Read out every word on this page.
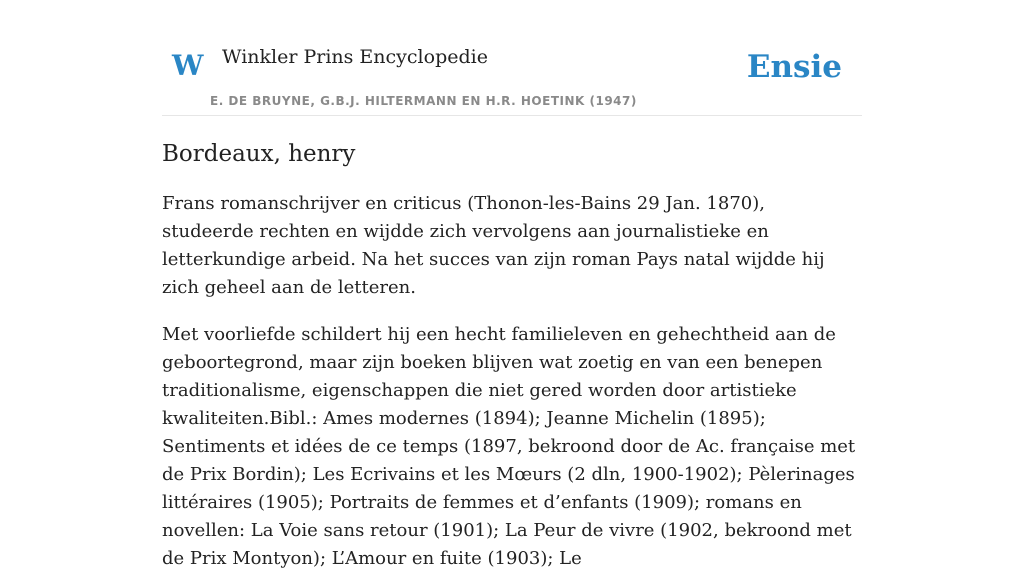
W Winkler Prins Encyclopedie
E. DE BRUYNE, G.B.J. HILTERMANN EN H.R. HOETINK (1947)
Ensie
Bordeaux, henry

Frans romanschrijver en criticus (Thonon-les-Bains 29 Jan. 1870), studeerde rechten en wijdde zich vervolgens aan journalistieke en letterkundige arbeid. Na het succes van zijn roman Pays natal wijdde hij zich geheel aan de letteren.

Met voorliefde schildert hij een hecht familieleven en gehechtheid aan de geboortegrond, maar zijn boeken blijven wat zoetig en van een benepen traditionalisme, eigenschappen die niet gered worden door artistieke kwaliteiten.Bibl.: Ames modernes (1894); Jeanne Michelin (1895); Sentiments et idées de ce temps (1897, bekroond door de Ac. française met de Prix Bordin); Les Ecrivains et les Mœurs (2 dln, 1900-1902); Pèlerinages littéraires (1905); Portraits de femmes et d’enfants (1909); romans en novellen: La Voie sans retour (1901); La Peur de vivre (1902, bekroond met de Prix Montyon); L’Amour en fuite (1903); Le
